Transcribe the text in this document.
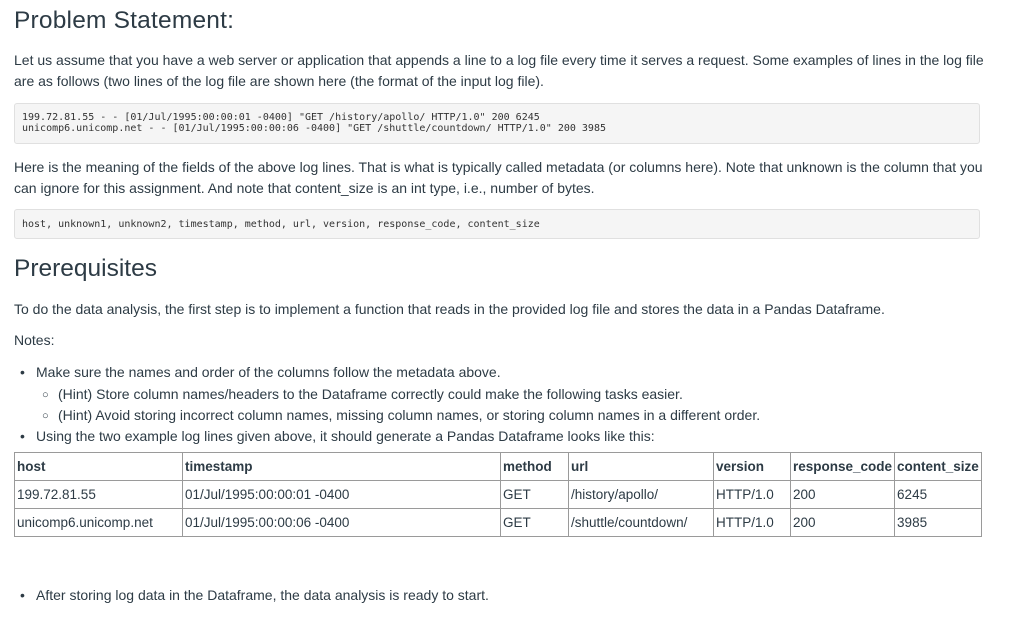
Problem Statement:

Let us assume that you have a web server or application that appends a line to a log file every time it serves a request. Some examples of lines in the log file
are as follows (two lines of the log file are shown here (the format of the input log file).

199.72.81.55 - - [01/Jul/1995:00:00:01 -0400] "GET /history/apollo/ HTTP/1.0" 200 6245
unicomp6.unicomp.net - - [01/Jul/1995:00:00:06 -0400] "GET /shuttle/countdown/ HTTP/1.0" 200 3985

Here is the meaning of the fields of the above log lines. That is what is typically called metadata (or columns here). Note that unknown is the column that you
can ignore for this assignment. And note that content_size is an int type, i.e., number of bytes.

host, unknown1, unknown2, timestamp, method, url, version, response_code, content_size
Prerequisites

To do the data analysis, the first step is to implement a function that reads in the provided log file and stores the data in a Pandas Dataframe.

Notes:

• Make sure the names and order of the columns follow the metadata above.
○ (Hint) Store column names/headers to the Dataframe correctly could make the following tasks easier.
○ (Hint) Avoid storing incorrect column names, missing column names, or storing column names in a different order.
• Using the two example log lines given above, it should generate a Pandas Dataframe looks like this:
• After storing log data in the Dataframe, the data analysis is ready to start.
host	timestamp	method	url	version	response_code	content_size
199.72.81.55	01/Jul/1995:00:00:01 -0400	GET	/history/apollo/	HTTP/1.0	200	6245
unicomp6.unicomp.net	01/Jul/1995:00:00:06 -0400	GET	/shuttle/countdown/	HTTP/1.0	200	3985
